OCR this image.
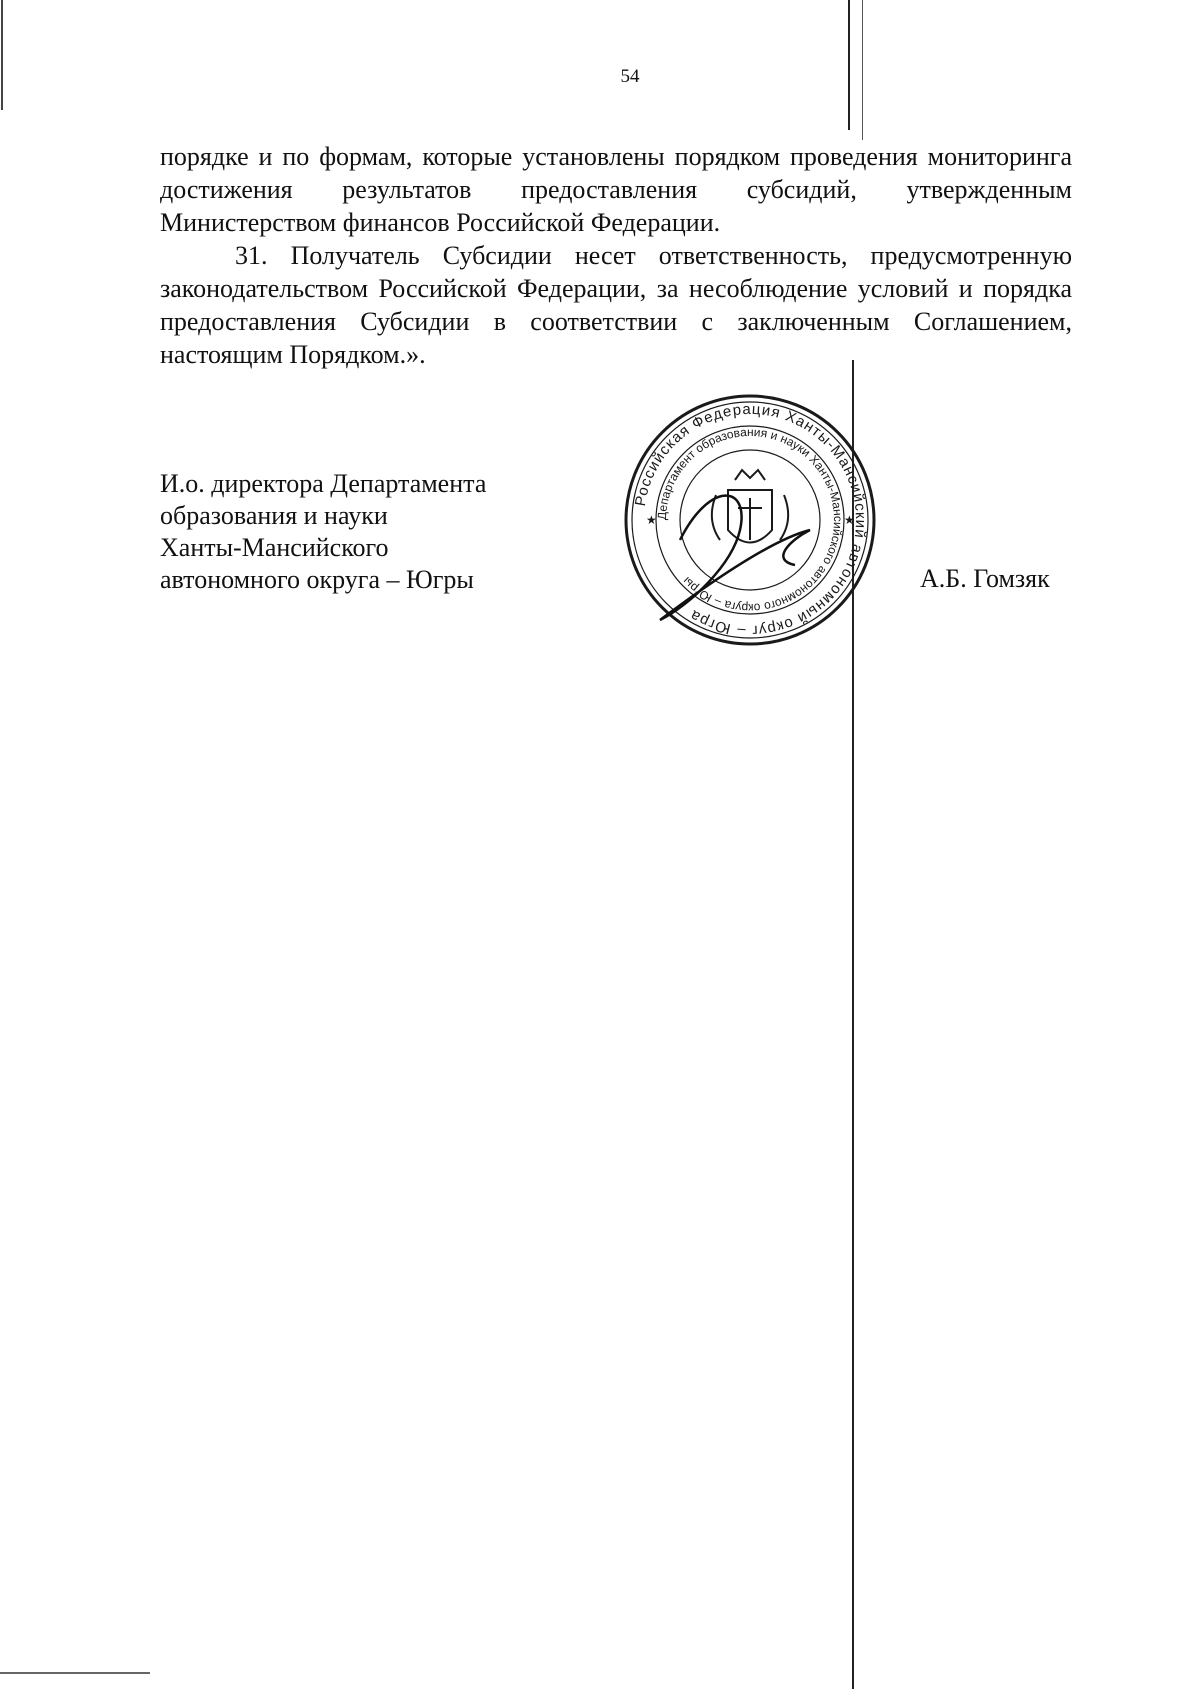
54

порядке и по формам, которые установлены порядком проведения мониторинга достижения результатов предоставления субсидий, утвержденным Министерством финансов Российской Федерации.

31. Получатель Субсидии несет ответственность, предусмотренную законодательством Российской Федерации, за несоблюдение условий и порядка предоставления Субсидии в соответствии с заключенным Соглашением, настоящим Порядком.».

И.о. директора Департамента
образования и науки
Ханты-Мансийского
автономного округа – Югры	А.Б. Гомзяк
Российская Федерация Ханты-Мансийский автономный округ – Югра
Департамент образования и науки Ханты-Мансийского автономного округа – Югры
★	★
